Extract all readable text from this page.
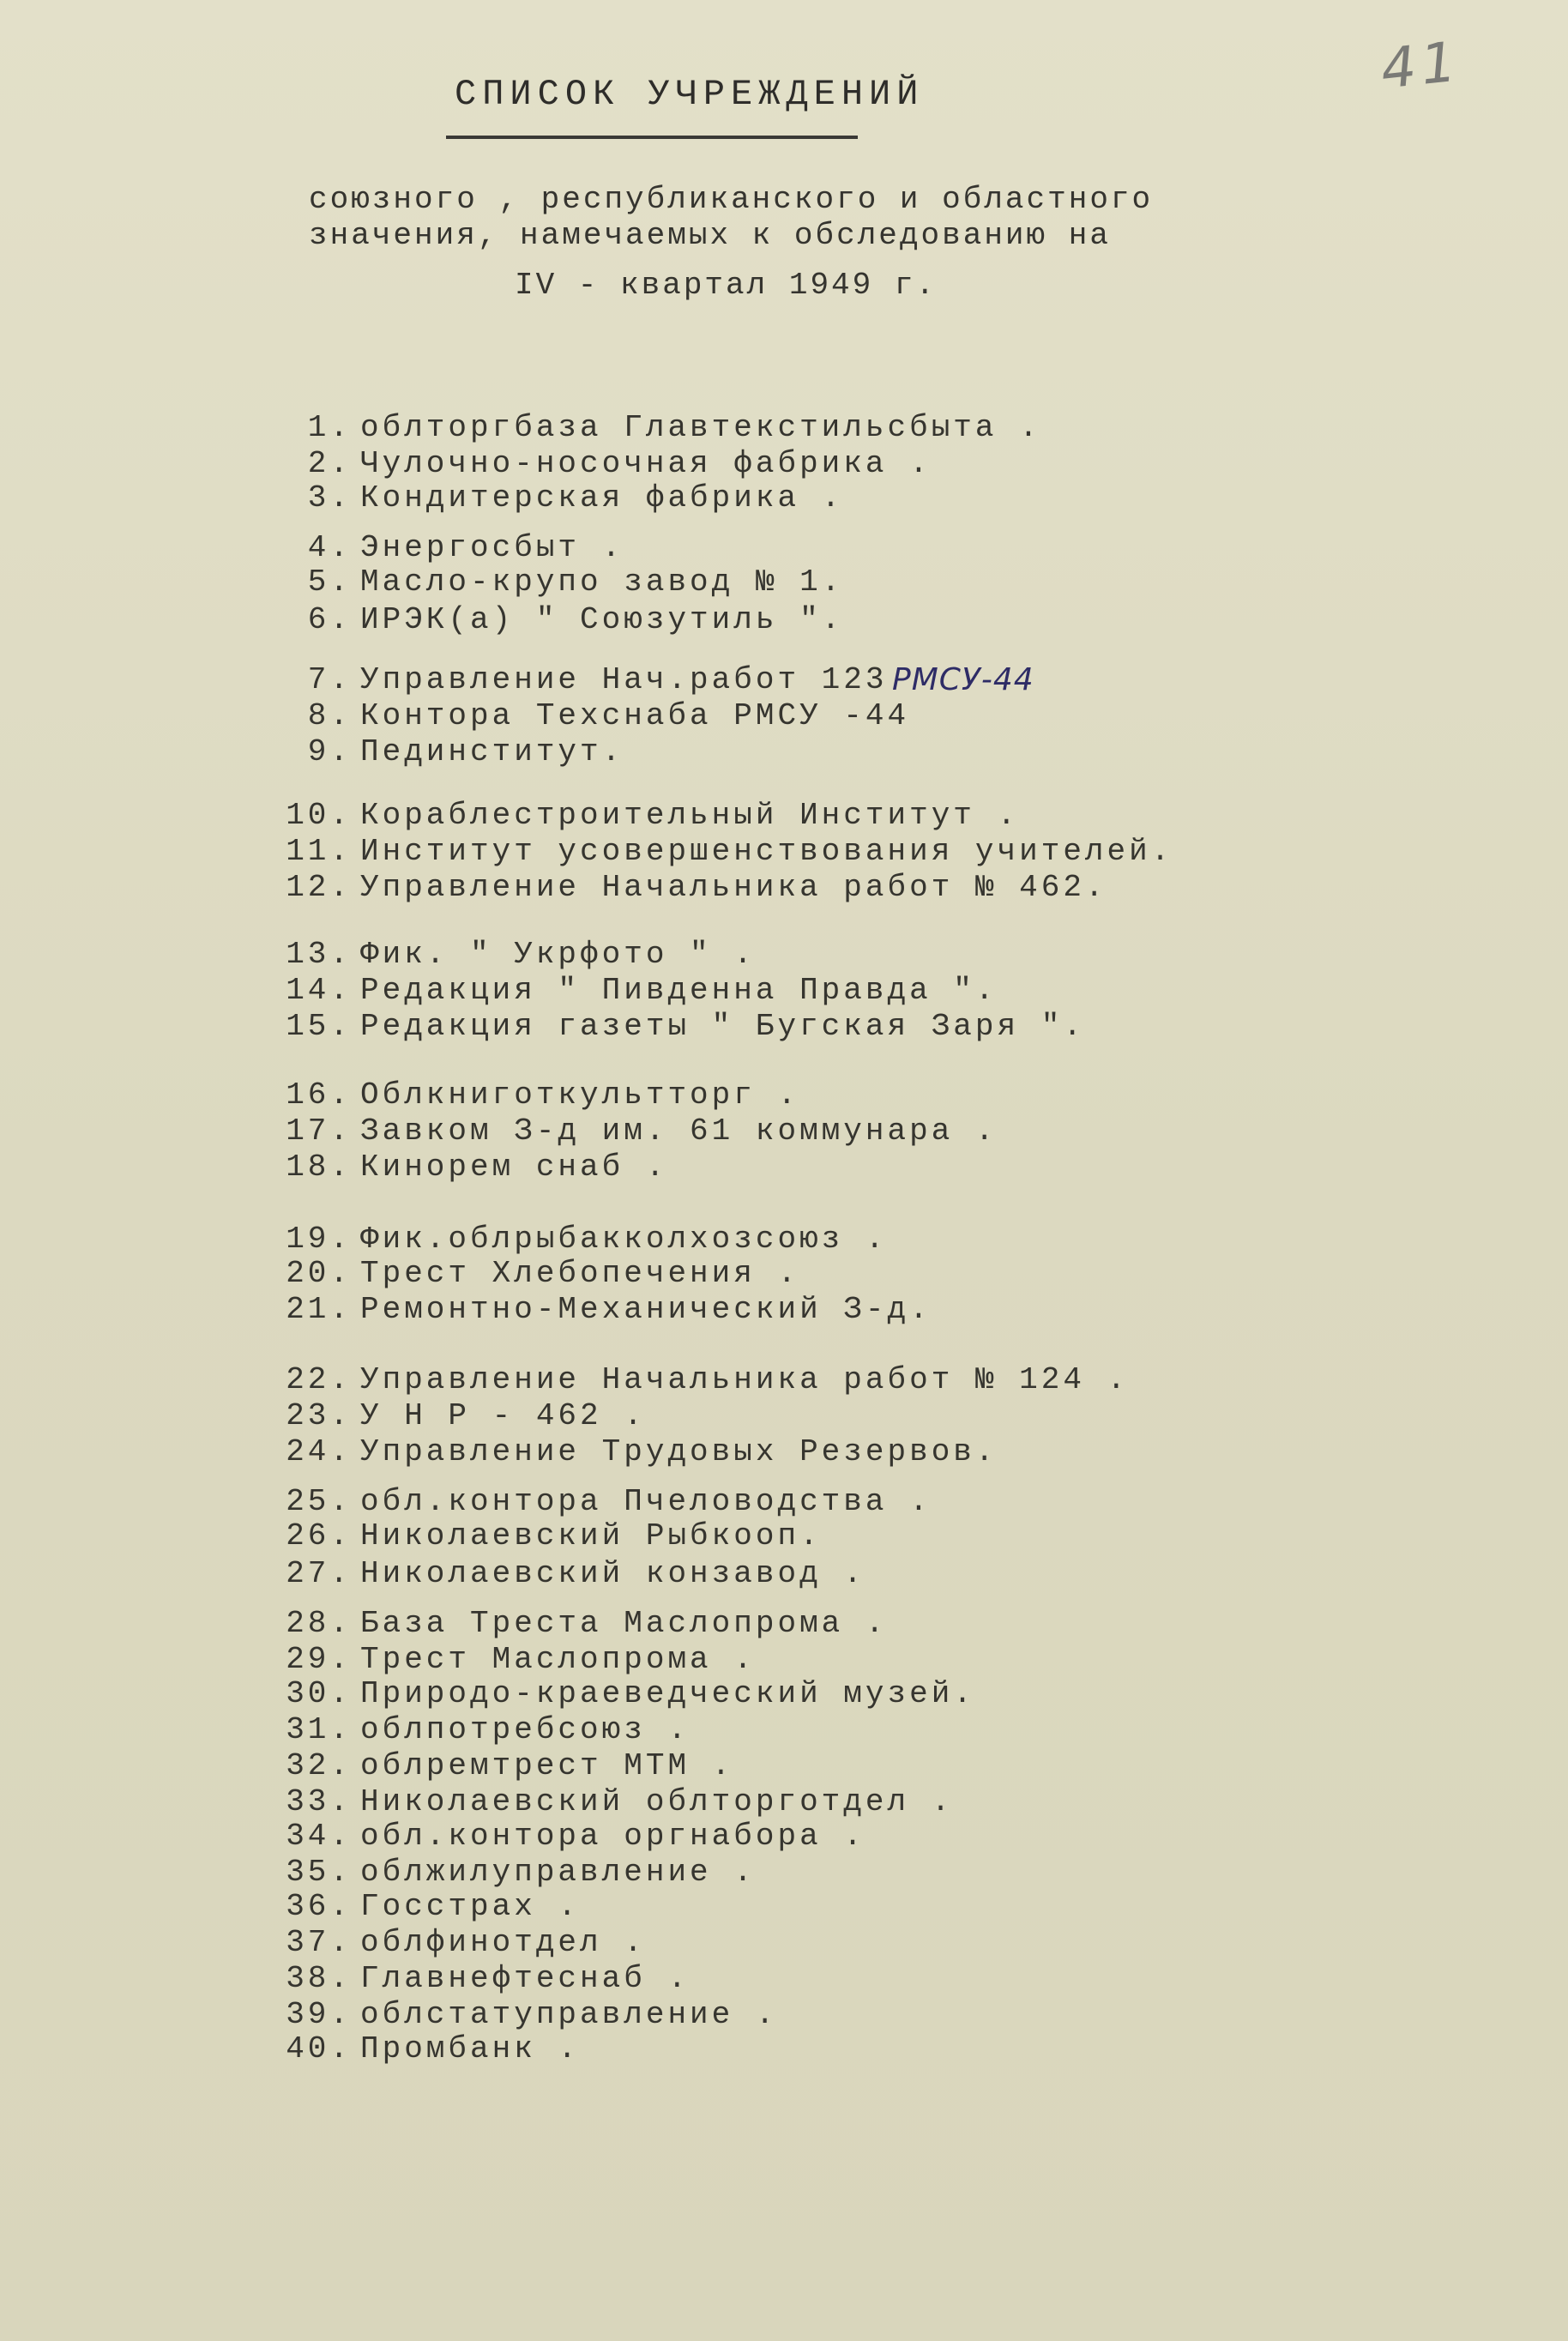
41
СПИСОК УЧРЕЖДЕНИЙ
союзного , республиканского и областного
значения, намечаемых к обследованию на
IV - квартал 1949 г.
1. облторгбаза Главтекстильсбыта .
2. Чулочно-носочная фабрика .
3. Кондитерская фабрика .
4. Энергосбыт .
5. Масло-крупо завод № 1.
6. ИРЭК(а) " Союзутиль ".
7. Управление Нач.работ 123 РМСУ-44
8. Контора Техснаба РМСУ -44
9. Пединститут.
10. Кораблестроительный Институт .
11. Институт усовершенствования учителей.
12. Управление Начальника работ № 462.
13. Фик. " Укрфото " .
14. Редакция " Пивденна Правда ".
15. Редакция газеты " Бугская Заря ".
16. Облкниготкультторг .
17. Завком З-д им. 61 коммунара .
18. Кинорем снаб .
19. Фик.облрыбакколхозсоюз .
20. Трест Хлебопечения .
21. Ремонтно-Механический З-д.
22. Управление Начальника работ № 124 .
23. У Н Р - 462 .
24. Управление Трудовых Резервов.
25. обл.контора Пчеловодства .
26. Николаевский Рыбкооп.
27. Николаевский конзавод .
28. База Треста Маслопрома .
29. Трест Маслопрома .
30. Природо-краеведческий музей.
31. облпотребсоюз .
32. облремтрест МТМ .
33. Николаевский облторготдел .
34. обл.контора оргнабора .
35. облжилуправление .
36. Госстрах .
37. облфинотдел .
38. Главнефтеснаб .
39. облстатуправление .
40. Промбанк .
